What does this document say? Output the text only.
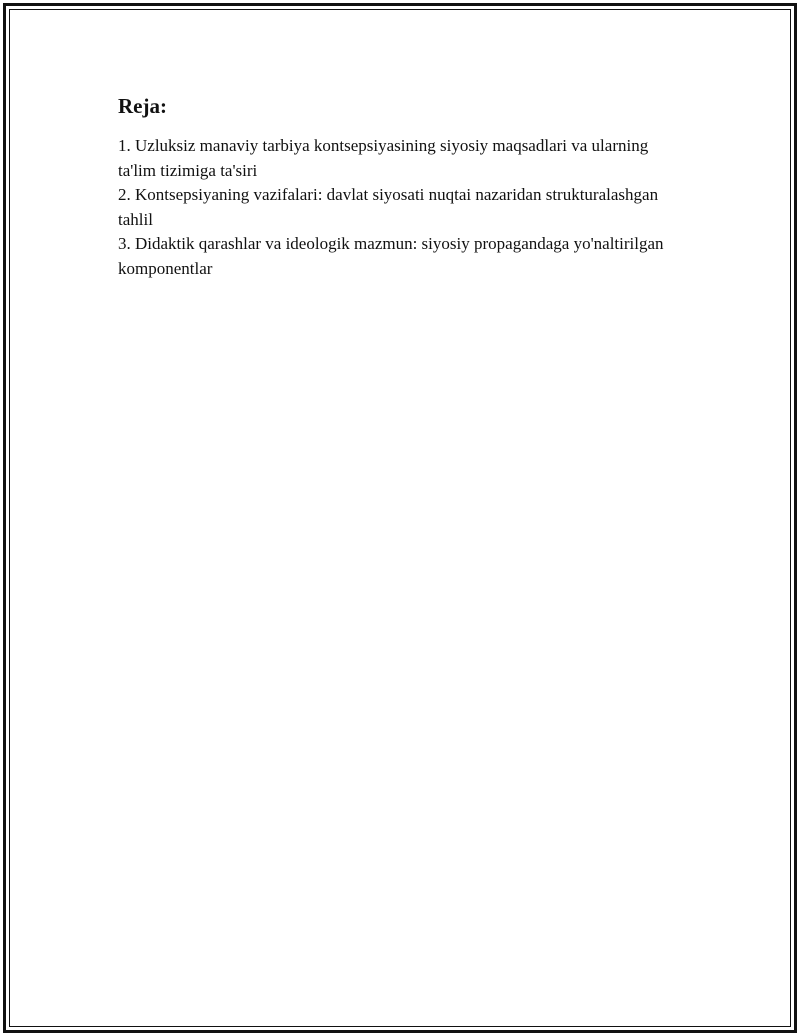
Reja:
1. Uzluksiz manaviy tarbiya kontsepsiyasining siyosiy maqsadlari va ularning ta'lim tizimiga ta'siri
2. Kontsepsiyaning vazifalari: davlat siyosati nuqtai nazaridan strukturalashgan tahlil
3. Didaktik qarashlar va ideologik mazmun: siyosiy propagandaga yo'naltirilgan komponentlar
